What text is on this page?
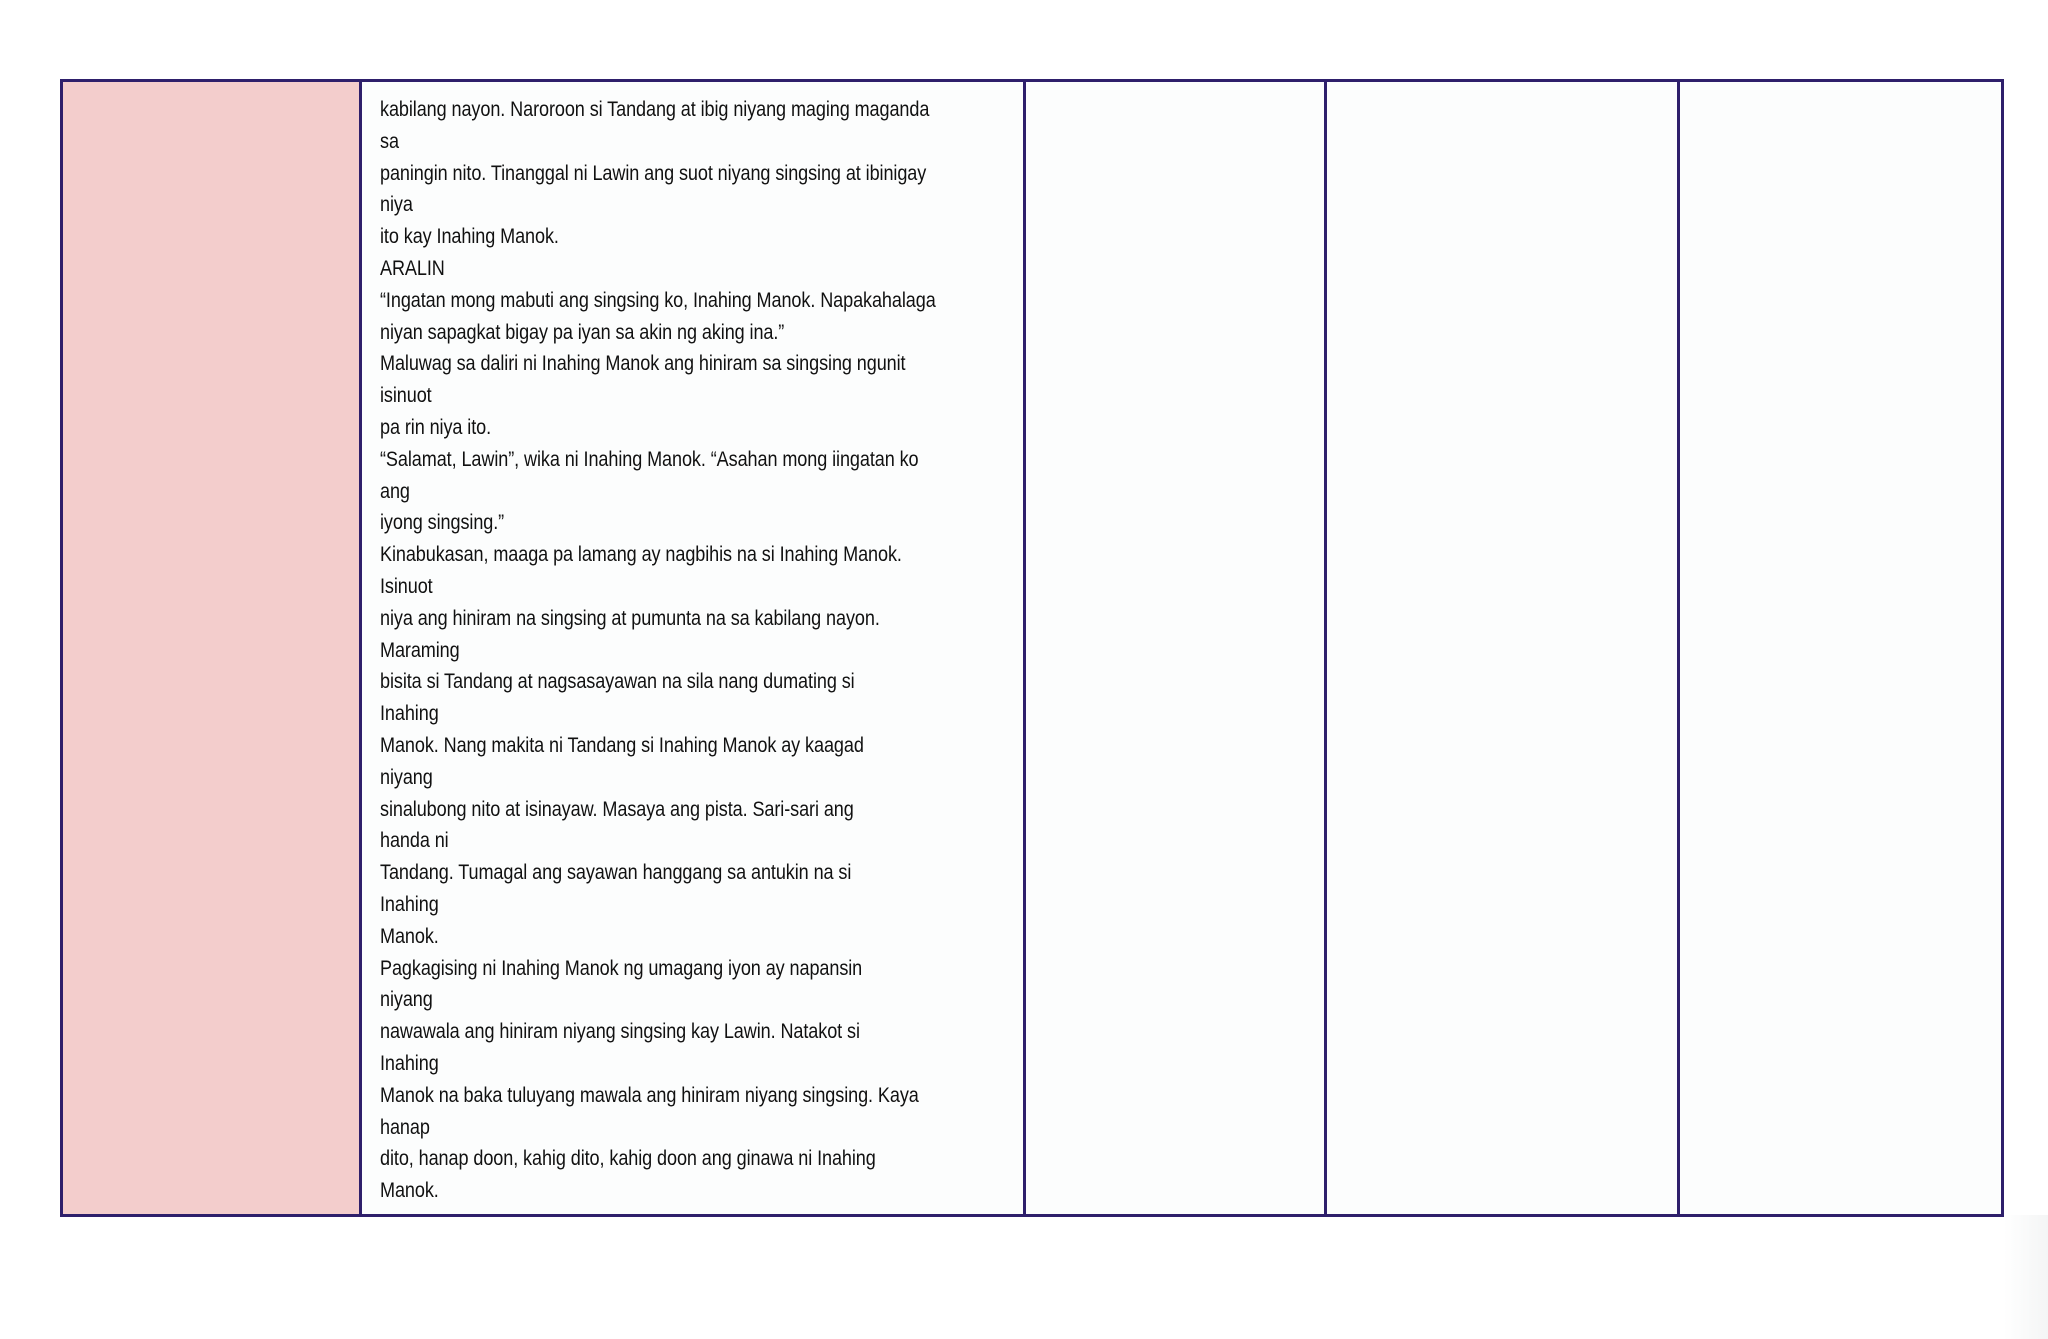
kabilang nayon. Naroroon si Tandang at ibig niyang maging maganda
sa
paningin nito. Tinanggal ni Lawin ang suot niyang singsing at ibinigay
niya
ito kay Inahing Manok.
ARALIN
“Ingatan mong mabuti ang singsing ko, Inahing Manok. Napakahalaga
niyan sapagkat bigay pa iyan sa akin ng aking ina.”
Maluwag sa daliri ni Inahing Manok ang hiniram sa singsing ngunit
isinuot
pa rin niya ito.
“Salamat, Lawin”, wika ni Inahing Manok. “Asahan mong iingatan ko
ang
iyong singsing.”
Kinabukasan, maaga pa lamang ay nagbihis na si Inahing Manok.
Isinuot
niya ang hiniram na singsing at pumunta na sa kabilang nayon.
Maraming
bisita si Tandang at nagsasayawan na sila nang dumating si
Inahing
Manok. Nang makita ni Tandang si Inahing Manok ay kaagad
niyang
sinalubong nito at isinayaw. Masaya ang pista. Sari-sari ang
handa ni
Tandang. Tumagal ang sayawan hanggang sa antukin na si
Inahing
Manok.
Pagkagising ni Inahing Manok ng umagang iyon ay napansin
niyang
nawawala ang hiniram niyang singsing kay Lawin. Natakot si
Inahing
Manok na baka tuluyang mawala ang hiniram niyang singsing. Kaya
hanap
dito, hanap doon, kahig dito, kahig doon ang ginawa ni Inahing
Manok.
